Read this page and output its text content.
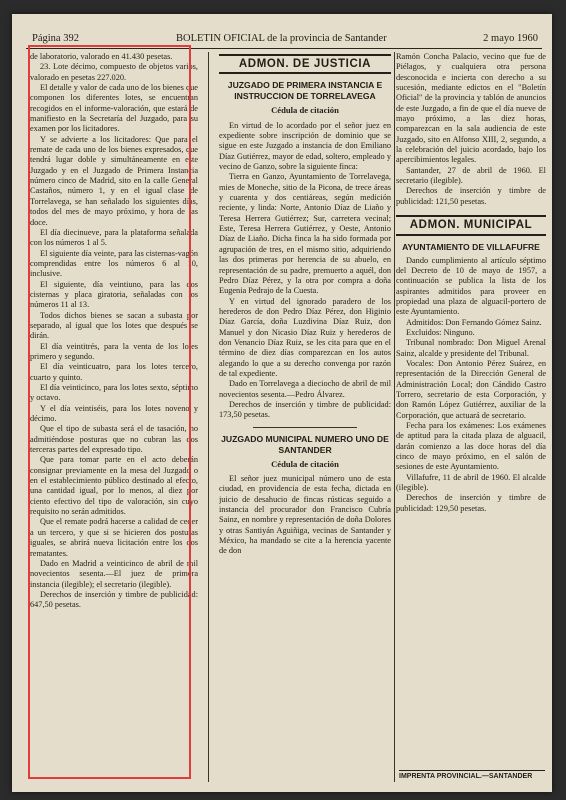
Página 392	BOLETIN OFICIAL de la provincia de Santander	2 mayo 1960

de laboratorio, valorado en 41.430 pesetas.

23. Lote décimo, compuesto de objetos varios, valorado en pesetas 227.020.

El detalle y valor de cada uno de los bienes que componen los diferentes lotes, se encuentran recogidos en el informe-valoración, que estará de manifiesto en la Secretaría del Juzgado, para su examen por los licitadores.

Y se advierte a los licitadores: Que para el remate de cada uno de los bienes expresados, que tendrá lugar doble y simultáneamente en este Juzgado y en el Juzgado de Primera Instancia número cinco de Madrid, sito en la calle General Castaños, número 1, y en el igual clase de Torrelavega, se han señalado los siguientes días, todos del mes de mayo próximo, y hora de las doce.

El día diecinueve, para la plataforma señalada con los números 1 al 5.

El siguiente día veinte, para las cisternas-vagón comprendidas entre los números 6 al 10, inclusive.

El siguiente, día veintiuno, para las dos cisternas y placa giratoria, señaladas con los números 11 al 13.

Todos dichos bienes se sacan a subasta por separado, al igual que los lotes que después se dirán.

El día veintitrés, para la venta de los lotes primero y segundo.

El día veinticuatro, para los lotes tercero, cuarto y quinto.

El día veinticinco, para los lotes sexto, séptimo y octavo.

Y el día veintiséis, para los lotes noveno y décimo.

Que el tipo de subasta será el de tasación, no admitiéndose posturas que no cubran las dos terceras partes del expresado tipo.

Que para tomar parte en el acto deberán consignar previamente en la mesa del Juzgado o en el establecimiento público destinado al efecto, una cantidad igual, por lo menos, al diez por ciento efectivo del tipo de valoración, sin cuyo requisito no serán admitidos.

Que el remate podrá hacerse a calidad de ceder a un tercero, y que si se hicieren dos posturas iguales, se abrirá nueva licitación entre los dos rematantes.

Dado en Madrid a veinticinco de abril de mil novecientos sesenta.—El juez de primera instancia (ilegible); el secretario (ilegible).

Derechos de inserción y timbre de publicidad: 647,50 pesetas.

ADMON. DE JUSTICIA
JUZGADO DE PRIMERA INSTANCIA E INSTRUCCION DE TORRELAVEGA
Cédula de citación

En virtud de lo acordado por el señor juez en expediente sobre inscripción de dominio que se sigue en este Juzgado a instancia de don Emiliano Díaz Gutiérrez, mayor de edad, soltero, empleado y vecino de Ganzo, sobre la siguiente finca:

Tierra en Ganzo, Ayuntamiento de Torrelavega, mies de Moneche, sitio de la Picona, de trece áreas y cuarenta y dos centiáreas, según medición reciente, y linda: Norte, Antonio Díaz de Liaño y Teresa Herrera Gutiérrez; Sur, carretera vecinal; Este, Teresa Herrera Gutiérrez, y Oeste, Antonio Díaz de Liaño. Dicha finca la ha sido formada por agrupación de tres, en el mismo sitio, adquiriendo las dos primeras por herencia de su abuelo, en representación de su padre, premuerto a aquél, don Pedro Díaz Pérez, y la otra por compra a doña Eugenia Pedrajo de la Cuesta.

Y en virtud del ignorado paradero de los herederos de don Pedro Díaz Pérez, don Higinio Díaz García, doña Luzdivina Díaz Ruiz, don Manuel y don Nicasio Díaz Ruiz y herederos de don Venancio Díaz Ruiz, se les cita para que en el término de diez días comparezcan en los autos alegando lo que a su derecho convenga por razón de tal expediente.

Dado en Torrelavega a dieciocho de abril de mil novecientos sesenta.—Pedro Álvarez.

Derechos de inserción y timbre de publicidad: 173,50 pesetas.

JUZGADO MUNICIPAL NUMERO UNO DE SANTANDER
Cédula de citación

El señor juez municipal número uno de esta ciudad, en providencia de esta fecha, dictada en juicio de desahucio de fincas rústicas seguido a instancia del procurador don Francisco Cubría Sainz, en nombre y representación de doña Dolores y otras Santiyán Aguiñiga, vecinas de Santander y México, ha mandado se cite a la herencia yacente de don

Ramón Concha Palacio, vecino que fue de Piélagos, y cualquiera otra persona desconocida e incierta con derecho a su sucesión, mediante edictos en el "Boletín Oficial" de la provincia y tablón de anuncios de este Juzgado, a fin de que el día nueve de mayo próximo, a las diez horas, comparezcan en la sala audiencia de este Juzgado, sito en Alfonso XIII, 2, segundo, a la celebración del juicio acordado, bajo los apercibimientos legales.

Santander, 27 de abril de 1960. El secretario (ilegible).

Derechos de inserción y timbre de publicidad: 121,50 pesetas.

ADMON. MUNICIPAL
AYUNTAMIENTO DE VILLAFUFRE

Dando cumplimiento al artículo séptimo del Decreto de 10 de mayo de 1957, a continuación se publica la lista de los aspirantes admitidos para proveer en propiedad una plaza de alguacil-portero de este Ayuntamiento.

Admitidos: Don Fernando Gómez Sainz.

Excluidos: Ninguno.

Tribunal nombrado: Don Miguel Arenal Sainz, alcalde y presidente del Tribunal.

Vocales: Don Antonio Pérez Suárez, en representación de la Dirección General de Administración Local; don Cándido Castro Torrero, secretario de esta Corporación, y don Ramón López Gutiérrez, auxiliar de la Corporación, que actuará de secretario.

Fecha para los exámenes: Los exámenes de aptitud para la citada plaza de alguacil, darán comienzo a las doce horas del día cinco de mayo próximo, en el salón de sesiones de este Ayuntamiento.

Villafufre, 11 de abril de 1960. El alcalde (ilegible).

Derechos de inserción y timbre de publicidad: 129,50 pesetas.

IMPRENTA PROVINCIAL.—SANTANDER
